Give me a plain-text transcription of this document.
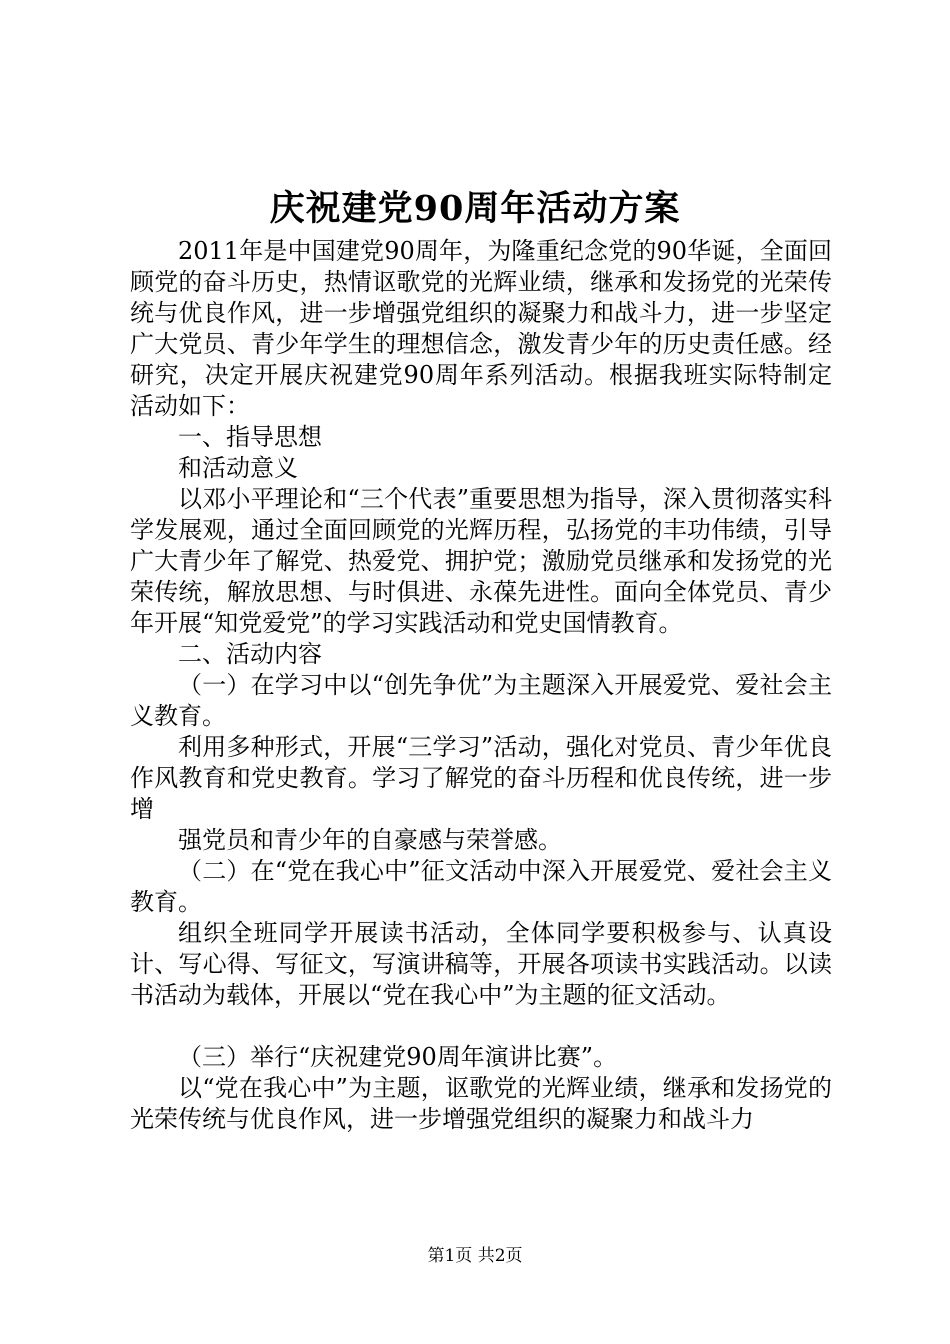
庆祝建党90周年活动方案

2011年是中国建党90周年，为隆重纪念党的90华诞，全面回顾党的奋斗历史，热情讴歌党的光辉业绩，继承和发扬党的光荣传统与优良作风，进一步增强党组织的凝聚力和战斗力，进一步坚定广大党员、青少年学生的理想信念，激发青少年的历史责任感。经研究，决定开展庆祝建党90周年系列活动。根据我班实际特制定活动如下：

一、指导思想

和活动意义

以邓小平理论和“三个代表”重要思想为指导，深入贯彻落实科学发展观，通过全面回顾党的光辉历程，弘扬党的丰功伟绩，引导广大青少年了解党、热爱党、拥护党；激励党员继承和发扬党的光荣传统，解放思想、与时俱进、永葆先进性。面向全体党员、青少年开展“知党爱党”的学习实践活动和党史国情教育。

二、活动内容

（一）在学习中以“创先争优”为主题深入开展爱党、爱社会主义教育。

利用多种形式，开展“三学习”活动，强化对党员、青少年优良作风教育和党史教育。学习了解党的奋斗历程和优良传统，进一步增

强党员和青少年的自豪感与荣誉感。

（二）在“党在我心中”征文活动中深入开展爱党、爱社会主义教育。

组织全班同学开展读书活动，全体同学要积极参与、认真设计、写心得、写征文，写演讲稿等，开展各项读书实践活动。以读书活动为载体，开展以“党在我心中”为主题的征文活动。

（三）举行“庆祝建党90周年演讲比赛”。

以“党在我心中”为主题，讴歌党的光辉业绩，继承和发扬党的光荣传统与优良作风，进一步增强党组织的凝聚力和战斗力

第1页 共2页
